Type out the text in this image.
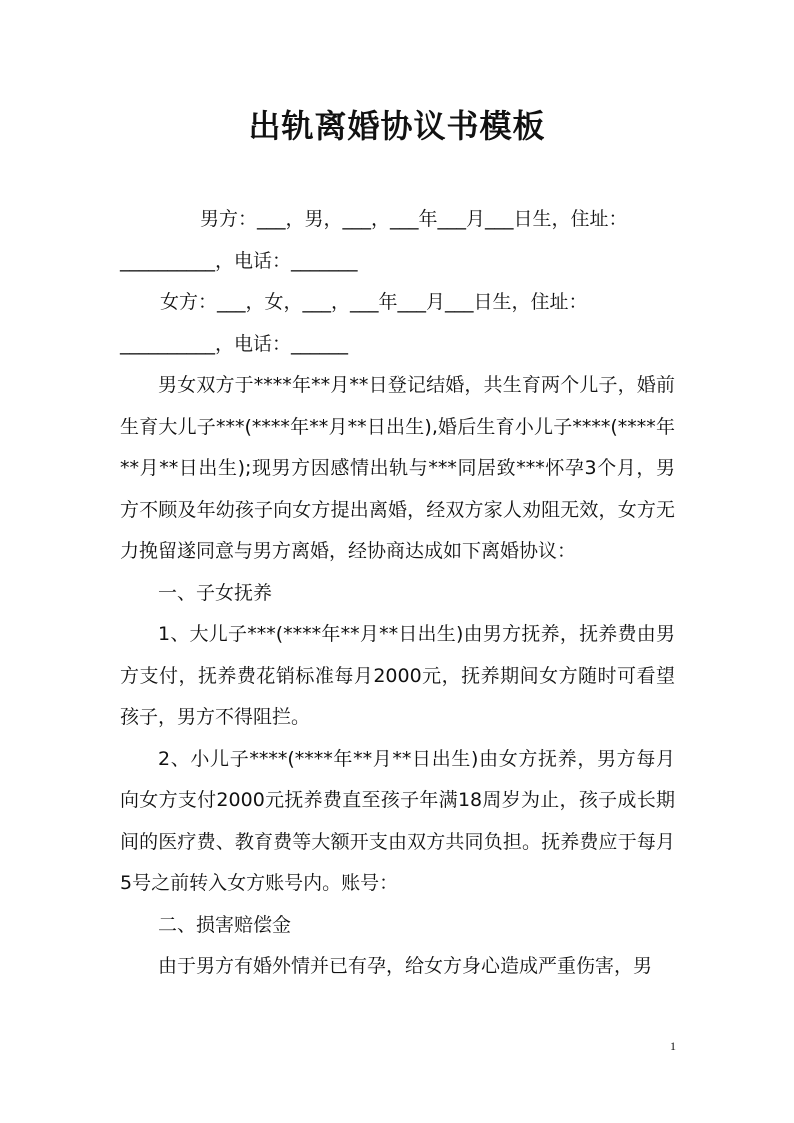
出轨离婚协议书模板

男方：___，男，___，___年___月___日生，住址：

__________，电话：_______

女方：___，女，___，___年___月___日生，住址：

__________，电话：______

男女双方于****年**月**日登记结婚，共生育两个儿子，婚前生育大儿子***(****年**月**日出生),婚后生育小儿子****(****年**月**日出生);现男方因感情出轨与***同居致***怀孕3个月，男方不顾及年幼孩子向女方提出离婚，经双方家人劝阻无效，女方无力挽留遂同意与男方离婚，经协商达成如下离婚协议：

一、子女抚养

1、大儿子***(****年**月**日出生)由男方抚养，抚养费由男方支付，抚养费花销标准每月2000元，抚养期间女方随时可看望孩子，男方不得阻拦。

2、小儿子****(****年**月**日出生)由女方抚养，男方每月向女方支付2000元抚养费直至孩子年满18周岁为止，孩子成长期间的医疗费、教育费等大额开支由双方共同负担。抚养费应于每月5号之前转入女方账号内。账号：

二、损害赔偿金

由于男方有婚外情并已有孕，给女方身心造成严重伤害，男

1
